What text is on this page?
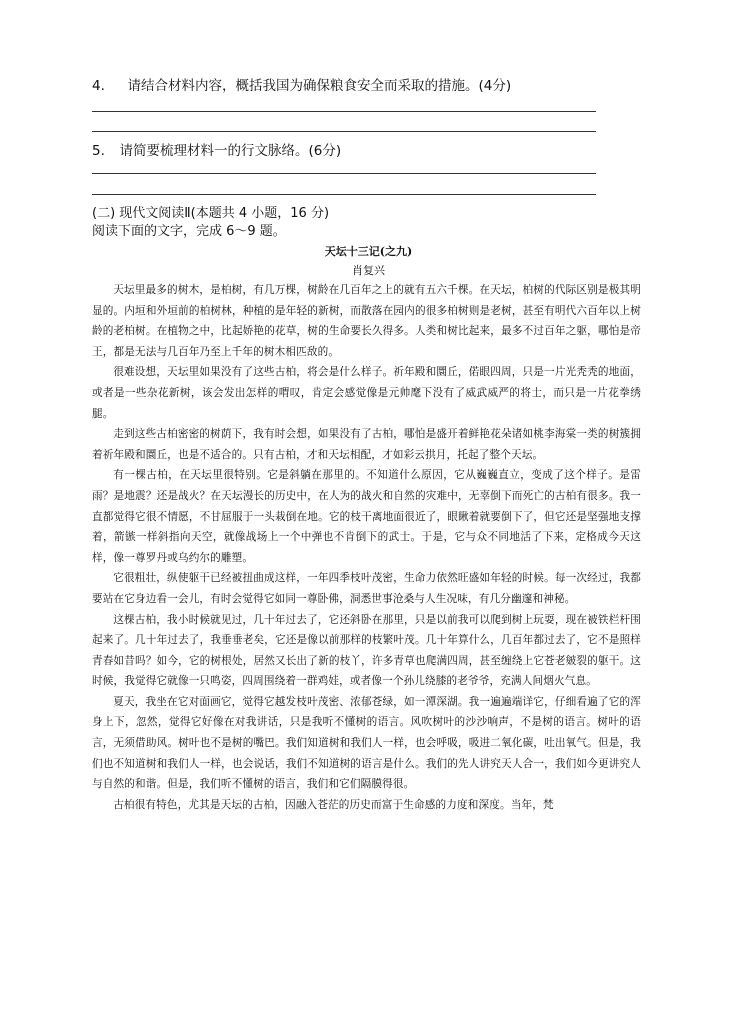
4. 请结合材料内容，概括我国为确保粮食安全而采取的措施。(4分)
5. 请简要梳理材料一的行文脉络。(6分)
(二) 现代文阅读Ⅱ(本题共 4 小题，16 分)
阅读下面的文字，完成 6～9 题。
天坛十三记(之九)
肖复兴

天坛里最多的树木，是柏树，有几万棵，树龄在几百年之上的就有五六千棵。在天坛，柏树的代际区别是极其明显的。内垣和外垣前的柏树林，种植的是年轻的新树，而散落在园内的很多柏树则是老树，甚至有明代六百年以上树龄的老柏树。在植物之中，比起娇艳的花草，树的生命要长久得多。人类和树比起来，最多不过百年之躯，哪怕是帝王，都是无法与几百年乃至上千年的树木相匹敌的。

很难设想，天坛里如果没有了这些古柏，将会是什么样子。祈年殿和圜丘，偌眼四周，只是一片光秃秃的地面，或者是一些杂花新树，该会发出怎样的喟叹，肯定会感觉像是元帅麾下没有了威武威严的将士，而只是一片花拳绣腿。

走到这些古柏密密的树荫下，我有时会想，如果没有了古柏，哪怕是盛开着鲜艳花朵诸如桃李海棠一类的树簇拥着祈年殿和圜丘，也是不适合的。只有古柏，才和天坛相配，才如彩云拱月，托起了整个天坛。

有一棵古柏，在天坛里很特别。它是斜躺在那里的。不知道什么原因，它从巍巍直立，变成了这个样子。是雷雨？是地震？还是战火？在天坛漫长的历史中，在人为的战火和自然的灾难中，无辜倒下而死亡的古柏有很多。我一直都觉得它很不情愿，不甘屈服于一头栽倒在地。它的枝干离地面很近了，眼瞅着就要倒下了，但它还是坚强地支撑着，箭镞一样斜指向天空，就像战场上一个中弹也不肯倒下的武士。于是，它与众不同地活了下来，定格成今天这样，像一尊罗丹或乌约尔的雕塑。

它很粗壮，纵使躯干已经被扭曲成这样，一年四季枝叶茂密，生命力依然旺盛如年轻的时候。每一次经过，我都要站在它身边看一会儿，有时会觉得它如同一尊卧佛，洞悉世事沧桑与人生况味，有几分幽邃和神秘。

这棵古柏，我小时候就见过，几十年过去了，它还斜卧在那里，只是以前我可以爬到树上玩耍，现在被铁栏杆围起来了。几十年过去了，我垂垂老矣，它还是像以前那样的枝繁叶茂。几十年算什么，几百年都过去了，它不是照样青春如昔吗？如今，它的树根处，居然又长出了新的枝丫，许多青草也爬满四周，甚至缠绕上它苍老皴裂的躯干。这时候，我觉得它就像一只鸣姿，四周围绕着一群鸡娃，或者像一个孙儿绕膝的老爷爷，充满人间烟火气息。

夏天，我坐在它对面画它，觉得它越发枝叶茂密、浓郁苍绿，如一潭深湖。我一遍遍端详它，仔细看遍了它的浑身上下，忽然，觉得它好像在对我讲话，只是我听不懂树的语言。风吹树叶的沙沙响声，不是树的语言。树叶的语言，无须借助风。树叶也不是树的嘴巴。我们知道树和我们人一样，也会呼吸，吸进二氧化碳，吐出氧气。但是，我们也不知道树和我们人一样，也会说话，我们不知道树的语言是什么。我们的先人讲究天人合一，我们如今更讲究人与自然的和谐。但是，我们听不懂树的语言，我们和它们隔膜得很。

古柏很有特色，尤其是天坛的古柏，因融入苍茫的历史而富于生命感的力度和深度。当年，梵
